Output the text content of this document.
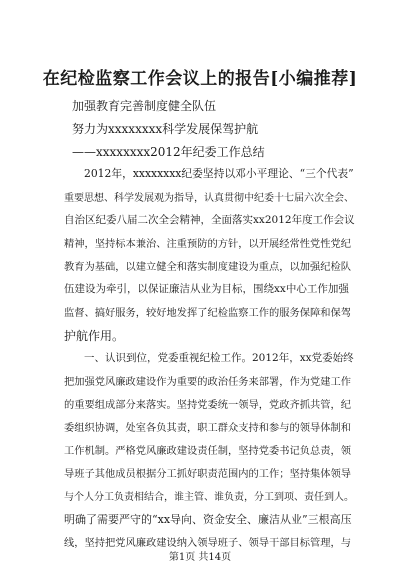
在纪检监察工作会议上的报告[小编推荐]

加强教育完善制度健全队伍

努力为xxxxxxxx科学发展保驾护航

——xxxxxxxx2012年纪委工作总结

2012年，xxxxxxxx纪委坚持以邓小平理论、“三个代表”

重要思想、科学发展观为指导，认真贯彻中纪委十七届六次全会、

自治区纪委八届二次全会精神，全面落实xx2012年度工作会议

精神，坚持标本兼治、注重预防的方针，以开展经常性党性党纪

教育为基础，以建立健全和落实制度建设为重点，以加强纪检队

伍建设为牵引，以保证廉洁从业为目标，围绕xx中心工作加强

监督、搞好服务，较好地发挥了纪检监察工作的服务保障和保驾

护航作用。

一、认识到位，党委重视纪检工作。2012年，xx党委始终

把加强党风廉政建设作为重要的政治任务来部署，作为党建工作

的重要组成部分来落实。坚持党委统一领导，党政齐抓共管，纪

委组织协调，处室各负其责，职工群众支持和参与的领导体制和

工作机制。严格党风廉政建设责任制，坚持党委书记负总责，领

导班子其他成员根据分工抓好职责范围内的工作；坚持集体领导

与个人分工负责相结合，谁主管、谁负责，分工到项、责任到人。

明确了需要严守的“xx导向、资金安全、廉洁从业”三根高压

线，坚持把党风廉政建设纳入领导班子、领导干部目标管理，与

第1页 共14页
